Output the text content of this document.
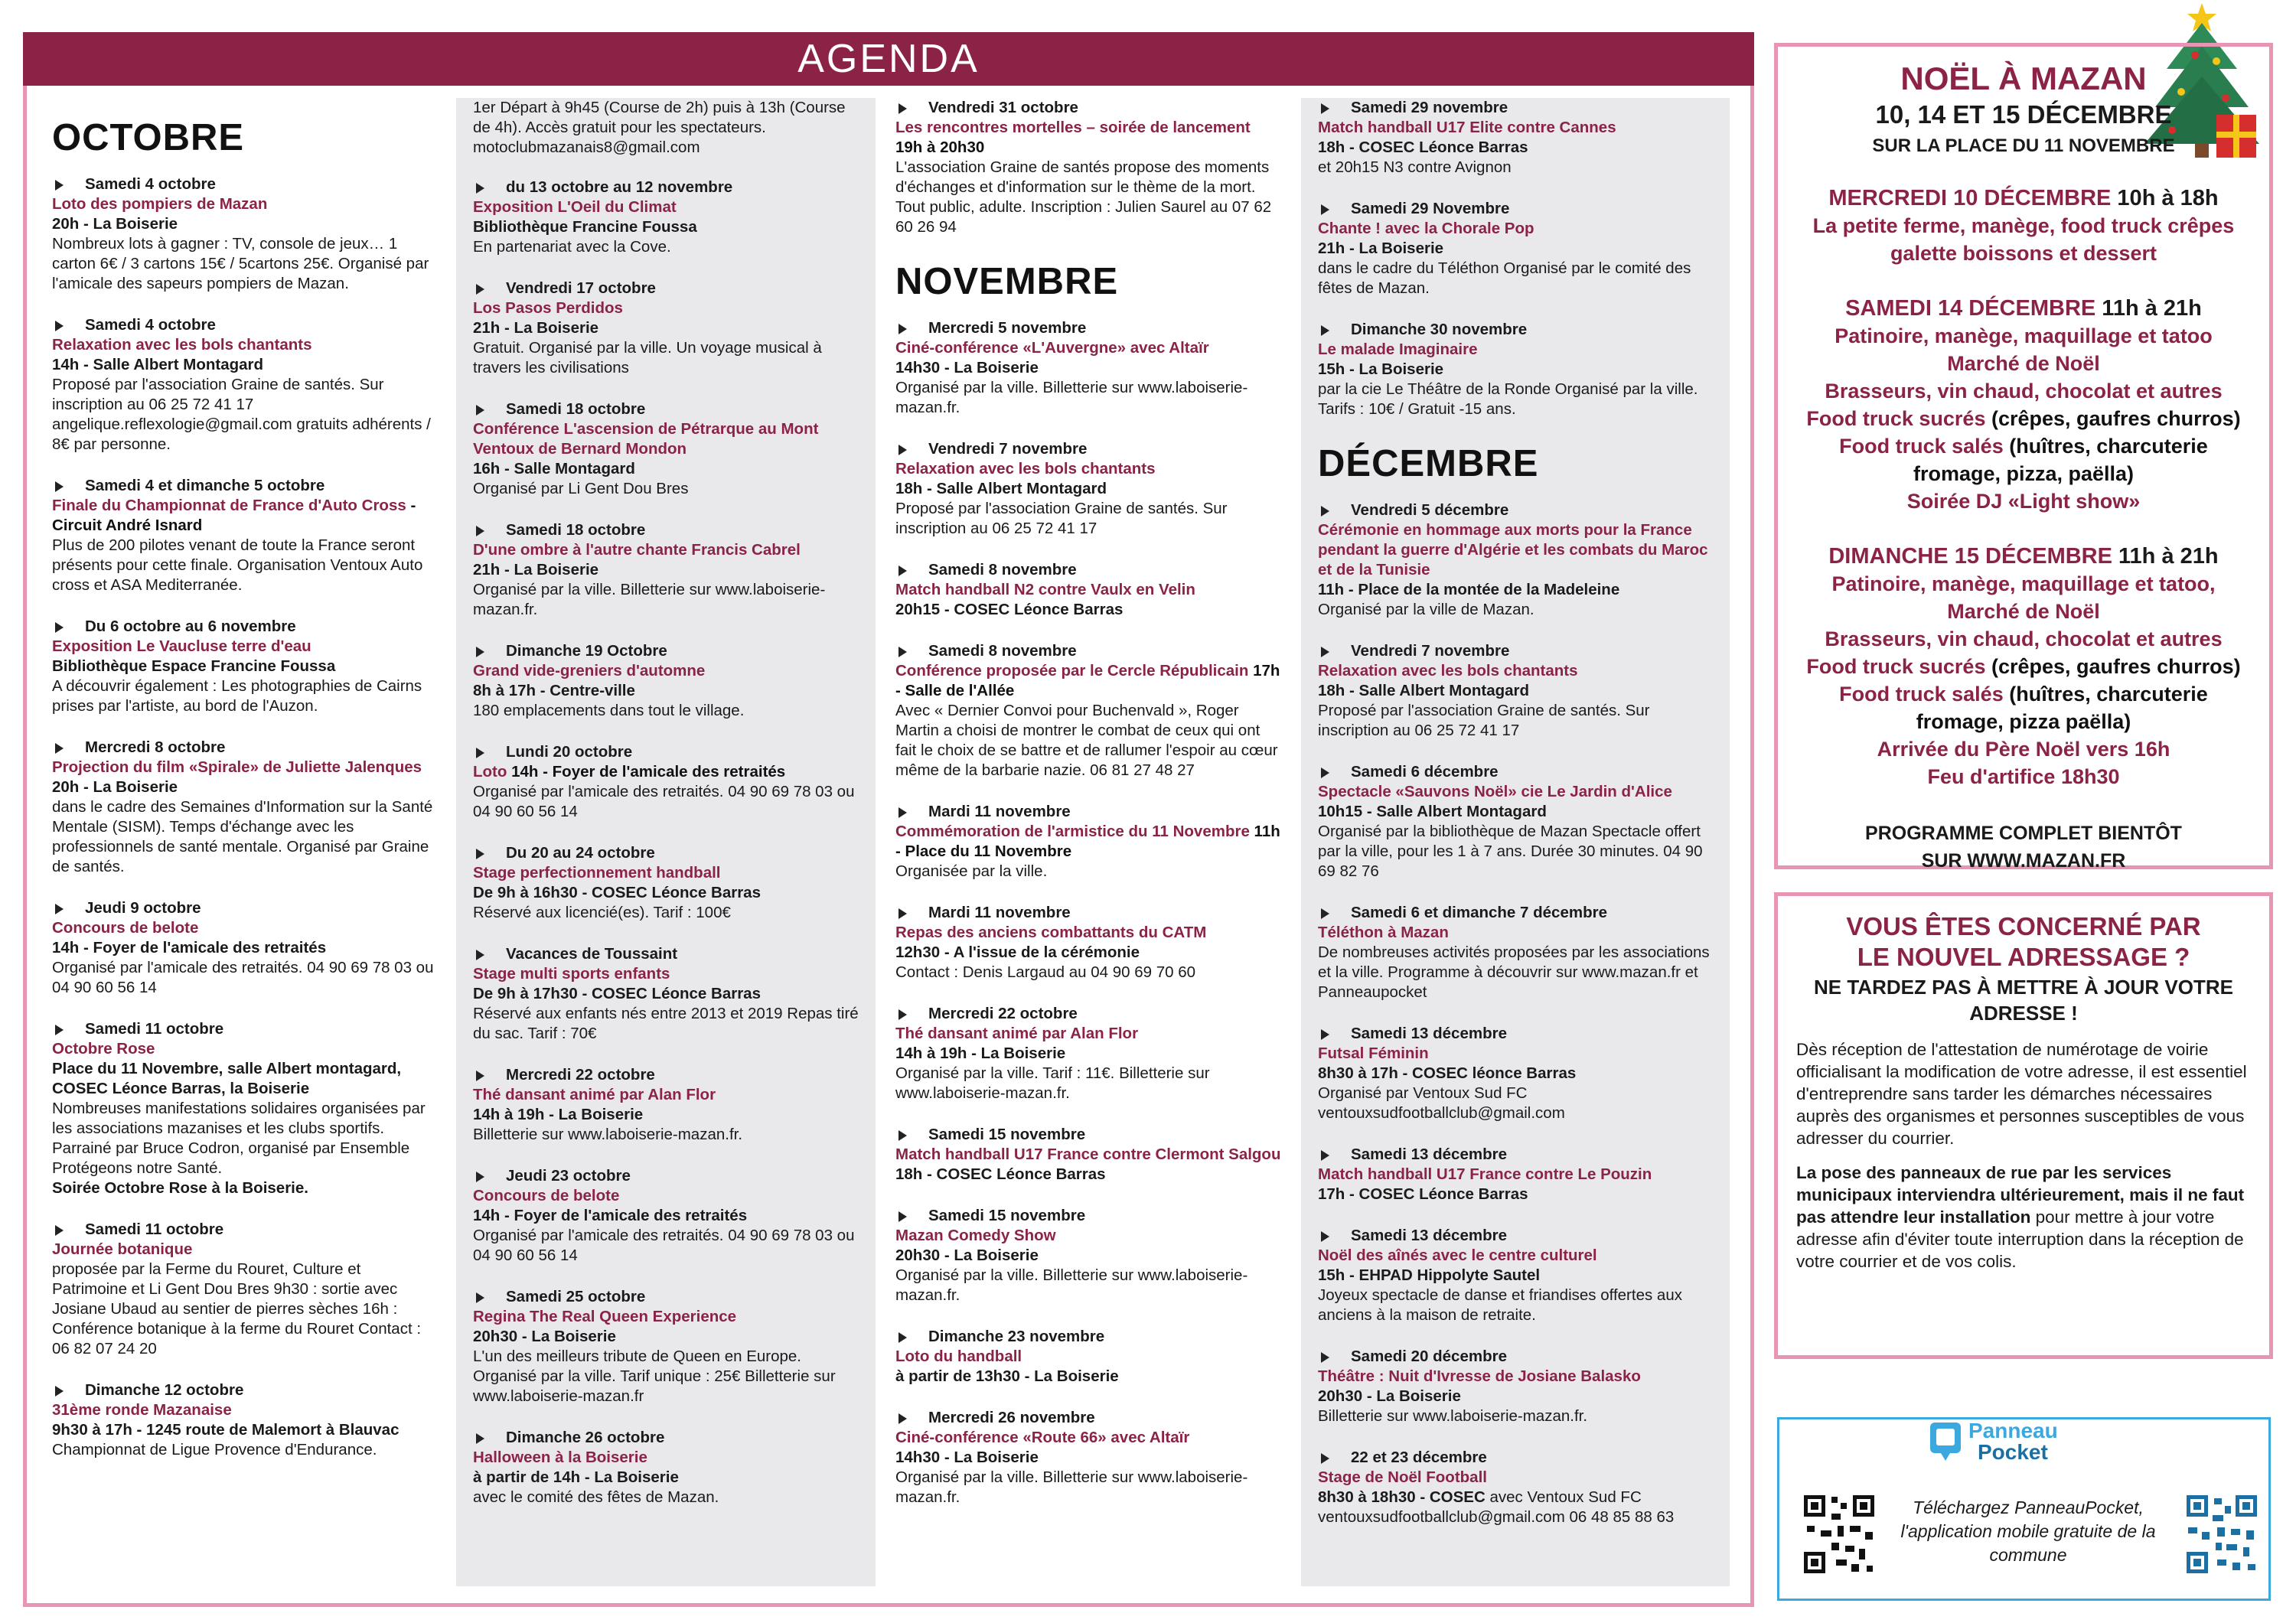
AGENDA
OCTOBRE
Samedi 4 octobre
Loto des pompiers de Mazan
20h - La Boiserie
Nombreux lots à gagner : TV, console de jeux… 1 carton 6€ / 3 cartons 15€ / 5cartons 25€. Organisé par l'amicale des sapeurs pompiers de Mazan.
Samedi 4 octobre
Relaxation avec les bols chantants
14h - Salle Albert Montagard
Proposé par l'association Graine de santés. Sur inscription au 06 25 72 41 17 angelique.reflexologie@gmail.com gratuits adhérents / 8€ par personne.
Samedi 4 et dimanche 5 octobre
Finale du Championnat de France d'Auto Cross - Circuit André Isnard
Plus de 200 pilotes venant de toute la France seront présents pour cette finale. Organisation Ventoux Auto cross et ASA Mediterranée.
Du 6 octobre au 6 novembre
Exposition Le Vaucluse terre d'eau
Bibliothèque Espace Francine Foussa
A découvrir également : Les photographies de Cairns prises par l'artiste, au bord de l'Auzon.
Mercredi 8 octobre
Projection du film «Spirale» de Juliette Jalenques
20h - La Boiserie
dans le cadre des Semaines d'Information sur la Santé Mentale (SISM). Temps d'échange avec les professionnels de santé mentale. Organisé par Graine de santés.
Jeudi 9 octobre
Concours de belote
14h - Foyer de l'amicale des retraités
Organisé par l'amicale des retraités. 04 90 69 78 03 ou 04 90 60 56 14
Samedi 11 octobre
Octobre Rose
Place du 11 Novembre, salle Albert montagard, COSEC Léonce Barras, la Boiserie
Nombreuses manifestations solidaires organisées par les associations mazanises et les clubs sportifs. Parrainé par Bruce Codron, organisé par Ensemble Protégeons notre Santé.
Soirée Octobre Rose à la Boiserie.
Samedi 11 octobre
Journée botanique
proposée par la Ferme du Rouret, Culture et Patrimoine et Li Gent Dou Bres 9h30 : sortie avec Josiane Ubaud au sentier de pierres sèches 16h : Conférence botanique à la ferme du Rouret Contact : 06 82 07 24 20
Dimanche 12 octobre
31ème ronde Mazanaise
9h30 à 17h - 1245 route de Malemort à Blauvac
Championnat de Ligue Provence d'Endurance.
1er Départ à 9h45 (Course de 2h) puis à 13h (Course de 4h). Accès gratuit pour les spectateurs. motoclubmazanais8@gmail.com
du 13 octobre au 12 novembre
Exposition L'Oeil du Climat
Bibliothèque Francine Foussa
En partenariat avec la Cove.
Vendredi 17 octobre
Los Pasos Perdidos
21h - La Boiserie
Gratuit. Organisé par la ville. Un voyage musical à travers les civilisations
Samedi 18 octobre
Conférence L'ascension de Pétrarque au Mont Ventoux de Bernard Mondon
16h - Salle Montagard
Organisé par Li Gent Dou Bres
Samedi 18 octobre
D'une ombre à l'autre chante Francis Cabrel
21h - La Boiserie
Organisé par la ville. Billetterie sur www.laboiserie-mazan.fr.
Dimanche 19 Octobre
Grand vide-greniers d'automne
8h à 17h - Centre-ville
180 emplacements dans tout le village.
Lundi 20 octobre
Loto 14h - Foyer de l'amicale des retraités
Organisé par l'amicale des retraités. 04 90 69 78 03 ou 04 90 60 56 14
Du 20 au 24 octobre
Stage perfectionnement handball
De 9h à 16h30 - COSEC Léonce Barras
Réservé aux licencié(es). Tarif : 100€
Vacances de Toussaint
Stage multi sports enfants
De 9h à 17h30 - COSEC Léonce Barras
Réservé aux enfants nés entre 2013 et 2019 Repas tiré du sac. Tarif : 70€
Mercredi 22 octobre
Thé dansant animé par Alan Flor
14h à 19h - La Boiserie
Billetterie sur www.laboiserie-mazan.fr.
Jeudi 23 octobre
Concours de belote
14h - Foyer de l'amicale des retraités
Organisé par l'amicale des retraités. 04 90 69 78 03 ou 04 90 60 56 14
Samedi 25 octobre
Regina The Real Queen Experience
20h30 - La Boiserie
L'un des meilleurs tribute de Queen en Europe. Organisé par la ville. Tarif unique : 25€ Billetterie sur www.laboiserie-mazan.fr
Dimanche 26 octobre
Halloween à la Boiserie
à partir de 14h - La Boiserie
avec le comité des fêtes de Mazan.
Vendredi 31 octobre
Les rencontres mortelles – soirée de lancement 19h à 20h30
L'association Graine de santés propose des moments d'échanges et d'information sur le thème de la mort. Tout public, adulte. Inscription : Julien Saurel au 07 62 60 26 94
NOVEMBRE
Mercredi 5 novembre
Ciné-conférence «L'Auvergne» avec Altaïr
14h30 - La Boiserie
Organisé par la ville. Billetterie sur www.laboiserie-mazan.fr.
Vendredi 7 novembre
Relaxation avec les bols chantants
18h - Salle Albert Montagard
Proposé par l'association Graine de santés. Sur inscription au 06 25 72 41 17
Samedi 8 novembre
Match handball N2 contre Vaulx en Velin
20h15 - COSEC Léonce Barras
Samedi 8 novembre
Conférence proposée par le Cercle Républicain 17h - Salle de l'Allée
Avec « Dernier Convoi pour Buchenvald », Roger Martin a choisi de montrer le combat de ceux qui ont fait le choix de se battre et de rallumer l'espoir au cœur même de la barbarie nazie. 06 81 27 48 27
Mardi 11 novembre
Commémoration de l'armistice du 11 Novembre 11h - Place du 11 Novembre
Organisée par la ville.
Mardi 11 novembre
Repas des anciens combattants du CATM
12h30 - A l'issue de la cérémonie
Contact : Denis Largaud au 04 90 69 70 60
Mercredi 22 octobre
Thé dansant animé par Alan Flor
14h à 19h - La Boiserie
Organisé par la ville. Tarif : 11€. Billetterie sur www.laboiserie-mazan.fr.
Samedi 15 novembre
Match handball U17 France contre Clermont Salgou
18h - COSEC Léonce Barras
Samedi 15 novembre
Mazan Comedy Show
20h30 - La Boiserie
Organisé par la ville. Billetterie sur www.laboiserie-mazan.fr.
Dimanche 23 novembre
Loto du handball
à partir de 13h30 - La Boiserie
Mercredi 26 novembre
Ciné-conférence «Route 66» avec Altaïr
14h30 - La Boiserie
Organisé par la ville. Billetterie sur www.laboiserie-mazan.fr.
Samedi 29 novembre
Match handball U17 Elite contre Cannes
18h - COSEC Léonce Barras
et 20h15 N3 contre Avignon
Samedi 29 Novembre
Chante ! avec la Chorale Pop
21h - La Boiserie
dans le cadre du Téléthon Organisé par le comité des fêtes de Mazan.
Dimanche 30 novembre
Le malade Imaginaire
15h - La Boiserie
par la cie Le Théâtre de la Ronde Organisé par la ville. Tarifs : 10€ / Gratuit -15 ans.
DÉCEMBRE
Vendredi 5 décembre
Cérémonie en hommage aux morts pour la France pendant la guerre d'Algérie et les combats du Maroc et de la Tunisie
11h - Place de la montée de la Madeleine
Organisé par la ville de Mazan.
Vendredi 7 novembre
Relaxation avec les bols chantants
18h - Salle Albert Montagard
Proposé par l'association Graine de santés. Sur inscription au 06 25 72 41 17
Samedi 6 décembre
Spectacle «Sauvons Noël» cie Le Jardin d'Alice
10h15 - Salle Albert Montagard
Organisé par la bibliothèque de Mazan Spectacle offert par la ville, pour les 1 à 7 ans. Durée 30 minutes. 04 90 69 82 76
Samedi 6 et dimanche 7 décembre
Téléthon à Mazan
De nombreuses activités proposées par les associations et la ville. Programme à découvrir sur www.mazan.fr et Panneaupocket
Samedi 13 décembre
Futsal Féminin
8h30 à 17h - COSEC léonce Barras
Organisé par Ventoux Sud FC ventouxsudfootballclub@gmail.com
Samedi 13 décembre
Match handball U17 France contre Le Pouzin
17h - COSEC Léonce Barras
Samedi 13 décembre
Noël des aînés avec le centre culturel
15h - EHPAD Hippolyte Sautel
Joyeux spectacle de danse et friandises offertes aux anciens à la maison de retraite.
Samedi 20 décembre
Théâtre : Nuit d'Ivresse de Josiane Balasko
20h30 - La Boiserie
Billetterie sur www.laboiserie-mazan.fr.
22 et 23 décembre
Stage de Noël Football
8h30 à 18h30 - COSEC avec Ventoux Sud FC
ventouxsudfootballclub@gmail.com 06 48 85 88 63
NOËL À MAZAN
10, 14 ET 15 DÉCEMBRE
SUR LA PLACE DU 11 NOVEMBRE
MERCREDI 10 DÉCEMBRE 10h à 18h
La petite ferme, manège, food truck crêpes
galette boissons et dessert
SAMEDI 14 DÉCEMBRE 11h à 21h
Patinoire, manège, maquillage et tatoo
Marché de Noël
Brasseurs, vin chaud, chocolat et autres
Food truck sucrés (crêpes, gaufres churros)
Food truck salés (huîtres, charcuterie
fromage, pizza, paëlla)
Soirée DJ «Light show»
DIMANCHE 15 DÉCEMBRE 11h à 21h
Patinoire, manège, maquillage et tatoo,
Marché de Noël
Brasseurs, vin chaud, chocolat et autres
Food truck sucrés (crêpes, gaufres churros)
Food truck salés (huîtres, charcuterie
fromage, pizza paëlla)
Arrivée du Père Noël vers 16h
Feu d'artifice 18h30
PROGRAMME COMPLET BIENTÔT
SUR WWW.MAZAN.FR
VOUS ÊTES CONCERNÉ PAR
LE NOUVEL ADRESSAGE ?
NE TARDEZ PAS À METTRE À JOUR VOTRE
ADRESSE !
Dès réception de l'attestation de numérotage de voirie officialisant la modification de votre adresse, il est essentiel d'entreprendre sans tarder les démarches nécessaires auprès des organismes et personnes susceptibles de vous adresser du courrier.
La pose des panneaux de rue par les services municipaux interviendra ultérieurement, mais il ne faut pas attendre leur installation pour mettre à jour votre adresse afin d'éviter toute interruption dans la réception de votre courrier et de vos colis.
Panneau
Pocket
Téléchargez PanneauPocket, l'application mobile gratuite de la commune
